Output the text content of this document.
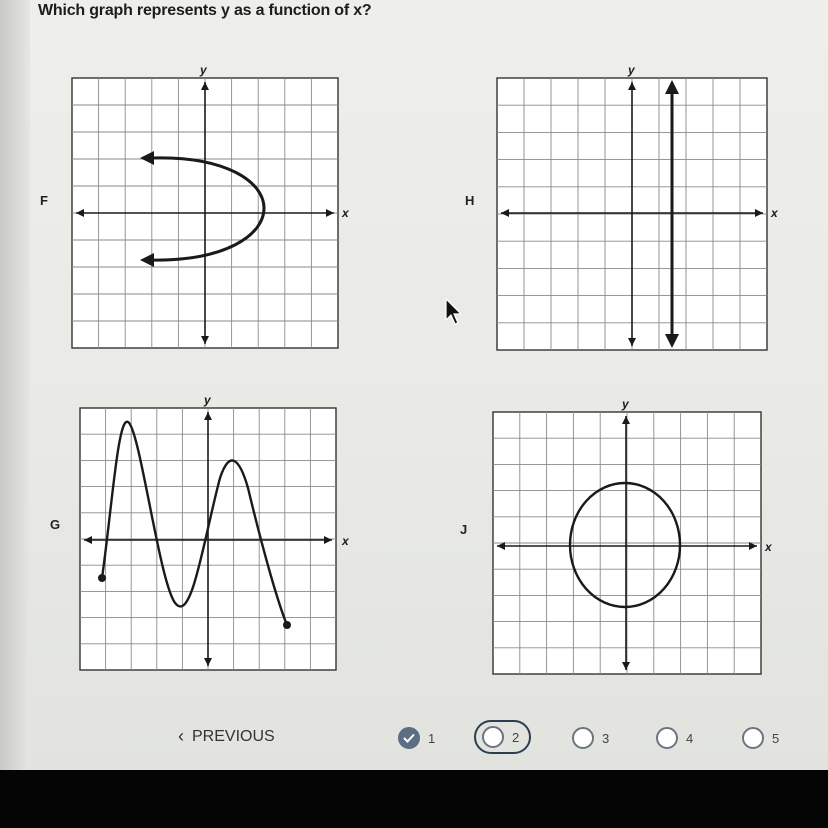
Which graph represents y as a function of x?
F	H
G	J
x
y
x
y
x
y
x
y
‹ PREVIOUS	1	2	3	4	5
